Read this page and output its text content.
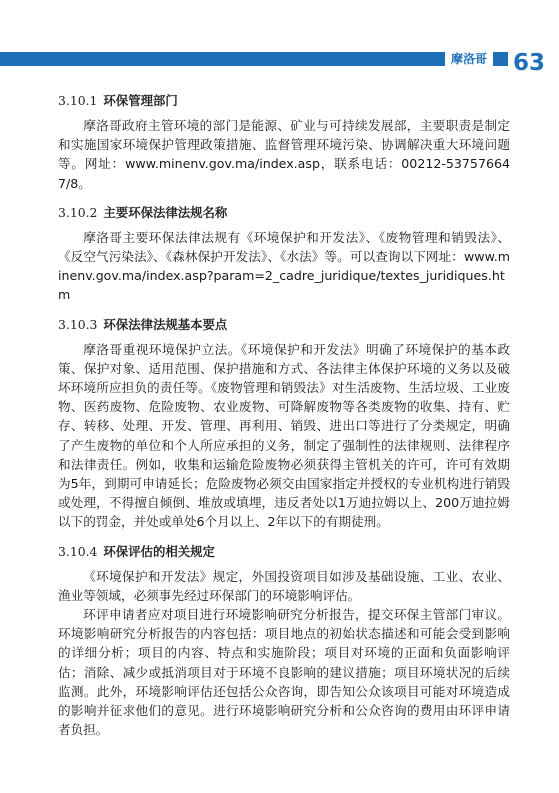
摩洛哥 63
3.10.1 环保管理部门

摩洛哥政府主管环境的部门是能源、矿业与可持续发展部，主要职责是制定和实施国家环境保护管理政策措施、监督管理环境污染、协调解决重大环境问题等。网址：www.minenv.gov.ma/index.asp，联系电话：00212-537576647/8。

3.10.2 主要环保法律法规名称

摩洛哥主要环保法律法规有《环境保护和开发法》、《废物管理和销毁法》、《反空气污染法》、《森林保护开发法》、《水法》等。可以查询以下网址：www.minenv.gov.ma/index.asp?param=2_cadre_juridique/textes_juridiques.htm

3.10.3 环保法律法规基本要点

摩洛哥重视环境保护立法。《环境保护和开发法》明确了环境保护的基本政策、保护对象、适用范围、保护措施和方式、各法律主体保护环境的义务以及破坏环境所应担负的责任等。《废物管理和销毁法》对生活废物、生活垃圾、工业废物、医药废物、危险废物、农业废物、可降解废物等各类废物的收集、持有、贮存、转移、处理、开发、管理、再利用、销毁、进出口等进行了分类规定，明确了产生废物的单位和个人所应承担的义务，制定了强制性的法律规则、法律程序和法律责任。例如，收集和运输危险废物必须获得主管机关的许可，许可有效期为5年，到期可申请延长；危险废物必须交由国家指定并授权的专业机构进行销毁或处理，不得擅自倾倒、堆放或填埋，违反者处以1万迪拉姆以上、200万迪拉姆以下的罚金，并处或单处6个月以上、2年以下的有期徒刑。

3.10.4 环保评估的相关规定

《环境保护和开发法》规定，外国投资项目如涉及基础设施、工业、农业、渔业等领域，必须事先经过环保部门的环境影响评估。

环评申请者应对项目进行环境影响研究分析报告，提交环保主管部门审议。环境影响研究分析报告的内容包括：项目地点的初始状态描述和可能会受到影响的详细分析；项目的内容、特点和实施阶段；项目对环境的正面和负面影响评估；消除、减少或抵消项目对于环境不良影响的建议措施；项目环境状况的后续监测。此外，环境影响评估还包括公众咨询，即告知公众该项目可能对环境造成的影响并征求他们的意见。进行环境影响研究分析和公众咨询的费用由环评申请者负担。
